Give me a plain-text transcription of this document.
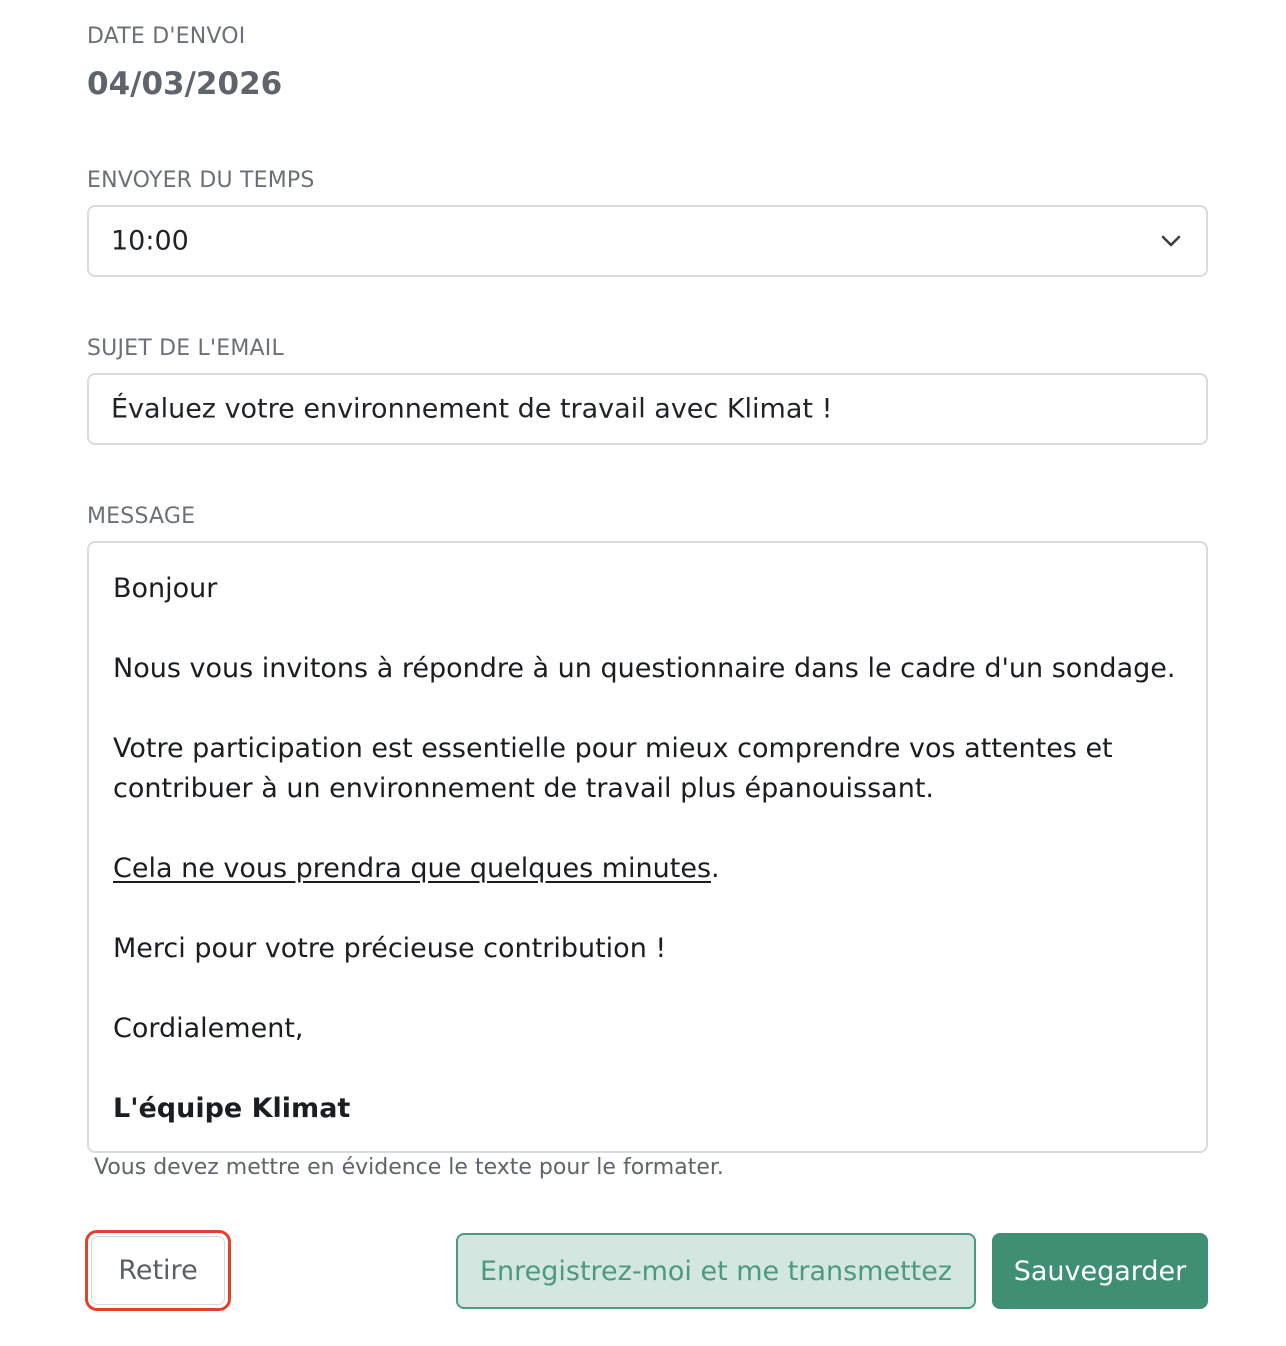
DATE D'ENVOI
04/03/2026
ENVOYER DU TEMPS
10:00
SUJET DE L'EMAIL
Évaluez votre environnement de travail avec Klimat !
MESSAGE

Bonjour

Nous vous invitons à répondre à un questionnaire dans le cadre d'un sondage.

Votre participation est essentielle pour mieux comprendre vos attentes et contribuer à un environnement de travail plus épanouissant.

Cela ne vous prendra que quelques minutes.

Merci pour votre précieuse contribution !

Cordialement,

L'équipe Klimat

Vous devez mettre en évidence le texte pour le formater.
Retire	Enregistrez-moi et me transmettez Sauvegarder
